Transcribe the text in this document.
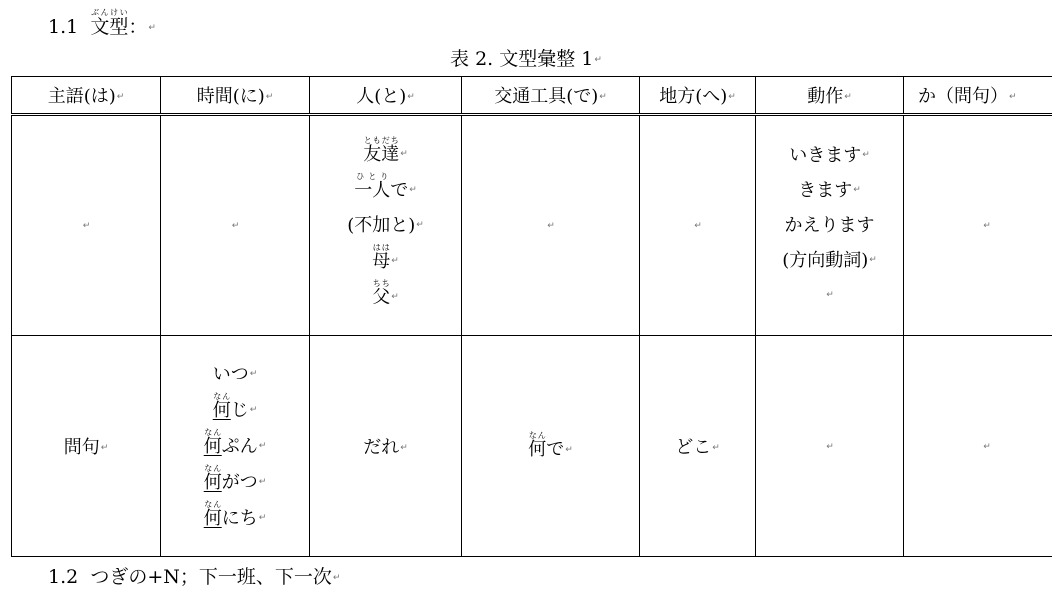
1.1 文型ぶんけい：↵
表 2. 文型彙整 1↵
主語(は)↵	時間(に)↵	人(と)↵	交通工具(で)↵	地方(へ)↵	動作↵	か（問句）↵
↵	↵	友達ともだち↵
一人ひとりで↵
(不加と)↵
母はは↵
父ちち↵	↵	↵	いきます↵
きます↵
かえります
(方向動詞)↵
↵	↵
問句↵	いつ↵
何なんじ↵
何なんぷん↵
何なんがつ↵
何なんにち↵	だれ↵	何なんで↵	どこ↵	↵	↵
1.2 つぎの+N；下一班、下一次↵
